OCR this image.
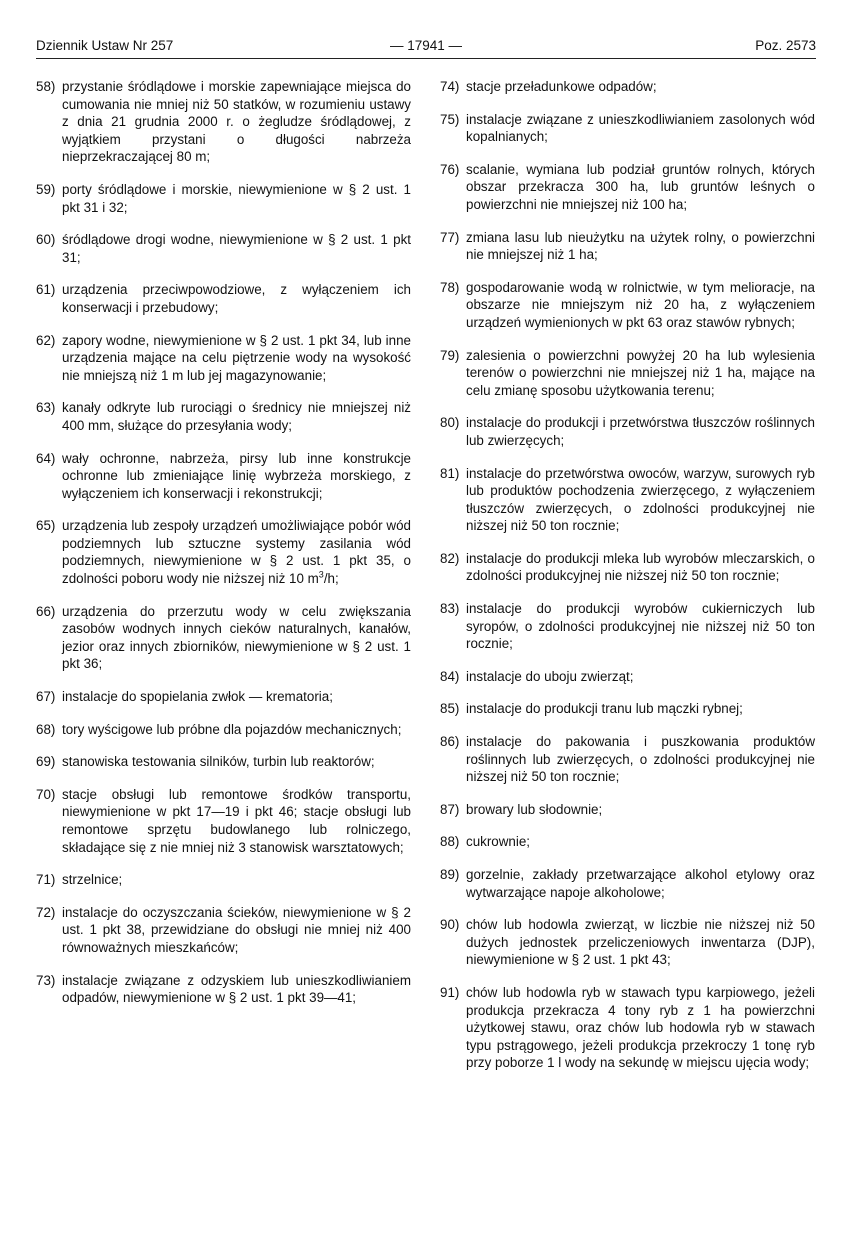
Dziennik Ustaw Nr 257	— 17941 —	Poz. 2573
58) przystanie śródlądowe i morskie zapewniające miejsca do cumowania nie mniej niż 50 statków, w rozumieniu ustawy z dnia 21 grudnia 2000 r. o żegludze śródlądowej, z wyjątkiem przystani o długości nabrzeża nieprzekraczającej 80 m;
59) porty śródlądowe i morskie, niewymienione w § 2 ust. 1 pkt 31 i 32;
60) śródlądowe drogi wodne, niewymienione w § 2 ust. 1 pkt 31;
61) urządzenia przeciwpowodziowe, z wyłączeniem ich konserwacji i przebudowy;
62) zapory wodne, niewymienione w § 2 ust. 1 pkt 34, lub inne urządzenia mające na celu piętrzenie wody na wysokość nie mniejszą niż 1 m lub jej magazynowanie;
63) kanały odkryte lub rurociągi o średnicy nie mniejszej niż 400 mm, służące do przesyłania wody;
64) wały ochronne, nabrzeża, pirsy lub inne konstrukcje ochronne lub zmieniające linię wybrzeża morskiego, z wyłączeniem ich konserwacji i rekonstrukcji;
65) urządzenia lub zespoły urządzeń umożliwiające pobór wód podziemnych lub sztuczne systemy zasilania wód podziemnych, niewymienione w § 2 ust. 1 pkt 35, o zdolności poboru wody nie niższej niż 10 $m^3/h$;
66) urządzenia do przerzutu wody w celu zwiększania zasobów wodnych innych cieków naturalnych, kanałów, jezior oraz innych zbiorników, niewymienione w § 2 ust. 1 pkt 36;
67) instalacje do spopielania zwłok — krematoria;
68) tory wyścigowe lub próbne dla pojazdów mechanicznych;
69) stanowiska testowania silników, turbin lub reaktorów;
70) stacje obsługi lub remontowe środków transportu, niewymienione w pkt 17—19 i pkt 46; stacje obsługi lub remontowe sprzętu budowlanego lub rolniczego, składające się z nie mniej niż 3 stanowisk warsztatowych;
71) strzelnice;
72) instalacje do oczyszczania ścieków, niewymienione w § 2 ust. 1 pkt 38, przewidziane do obsługi nie mniej niż 400 równoważnych mieszkańców;
73) instalacje związane z odzyskiem lub unieszkodliwianiem odpadów, niewymienione w § 2 ust. 1 pkt 39—41;
74) stacje przeładunkowe odpadów;
75) instalacje związane z unieszkodliwianiem zasolonych wód kopalnianych;
76) scalanie, wymiana lub podział gruntów rolnych, których obszar przekracza 300 ha, lub gruntów leśnych o powierzchni nie mniejszej niż 100 ha;
77) zmiana lasu lub nieużytku na użytek rolny, o powierzchni nie mniejszej niż 1 ha;
78) gospodarowanie wodą w rolnictwie, w tym melioracje, na obszarze nie mniejszym niż 20 ha, z wyłączeniem urządzeń wymienionych w pkt 63 oraz stawów rybnych;
79) zalesienia o powierzchni powyżej 20 ha lub wylesienia terenów o powierzchni nie mniejszej niż 1 ha, mające na celu zmianę sposobu użytkowania terenu;
80) instalacje do produkcji i przetwórstwa tłuszczów roślinnych lub zwierzęcych;
81) instalacje do przetwórstwa owoców, warzyw, surowych ryb lub produktów pochodzenia zwierzęcego, z wyłączeniem tłuszczów zwierzęcych, o zdolności produkcyjnej nie niższej niż 50 ton rocznie;
82) instalacje do produkcji mleka lub wyrobów mleczarskich, o zdolności produkcyjnej nie niższej niż 50 ton rocznie;
83) instalacje do produkcji wyrobów cukierniczych lub syropów, o zdolności produkcyjnej nie niższej niż 50 ton rocznie;
84) instalacje do uboju zwierząt;
85) instalacje do produkcji tranu lub mączki rybnej;
86) instalacje do pakowania i puszkowania produktów roślinnych lub zwierzęcych, o zdolności produkcyjnej nie niższej niż 50 ton rocznie;
87) browary lub słodownie;
88) cukrownie;
89) gorzelnie, zakłady przetwarzające alkohol etylowy oraz wytwarzające napoje alkoholowe;
90) chów lub hodowla zwierząt, w liczbie nie niższej niż 50 dużych jednostek przeliczeniowych inwentarza (DJP), niewymienione w § 2 ust. 1 pkt 43;
91) chów lub hodowla ryb w stawach typu karpiowego, jeżeli produkcja przekracza 4 tony ryb z 1 ha powierzchni użytkowej stawu, oraz chów lub hodowla ryb w stawach typu pstrągowego, jeżeli produkcja przekroczy 1 tonę ryb przy poborze 1 l wody na sekundę w miejscu ujęcia wody;
